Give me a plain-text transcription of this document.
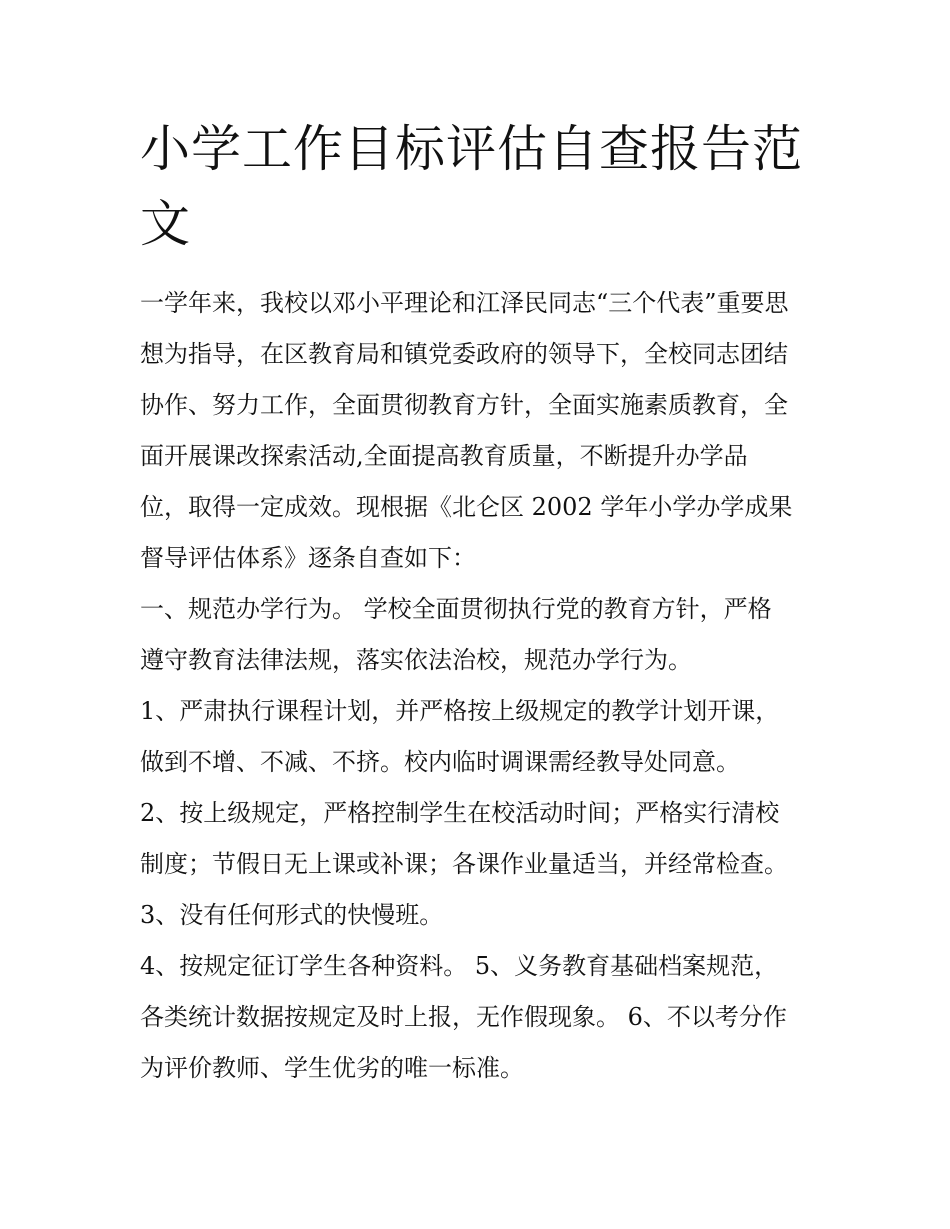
小学工作目标评估自查报告范
文
一学年来，我校以邓小平理论和江泽民同志“三个代表”重要思
想为指导，在区教育局和镇党委政府的领导下，全校同志团结
协作、努力工作，全面贯彻教育方针，全面实施素质教育，全
面开展课改探索活动,全面提高教育质量，不断提升办学品
位，取得一定成效。现根据《北仑区 2002 学年小学办学成果
督导评估体系》逐条自查如下：
一、规范办学行为。 学校全面贯彻执行党的教育方针，严格
遵守教育法律法规，落实依法治校，规范办学行为。
1、严肃执行课程计划，并严格按上级规定的教学计划开课，
做到不增、不减、不挤。校内临时调课需经教导处同意。
2、按上级规定，严格控制学生在校活动时间；严格实行清校
制度；节假日无上课或补课；各课作业量适当，并经常检查。
3、没有任何形式的快慢班。
4、按规定征订学生各种资料。 5、义务教育基础档案规范，
各类统计数据按规定及时上报，无作假现象。 6、不以考分作
为评价教师、学生优劣的唯一标准。
